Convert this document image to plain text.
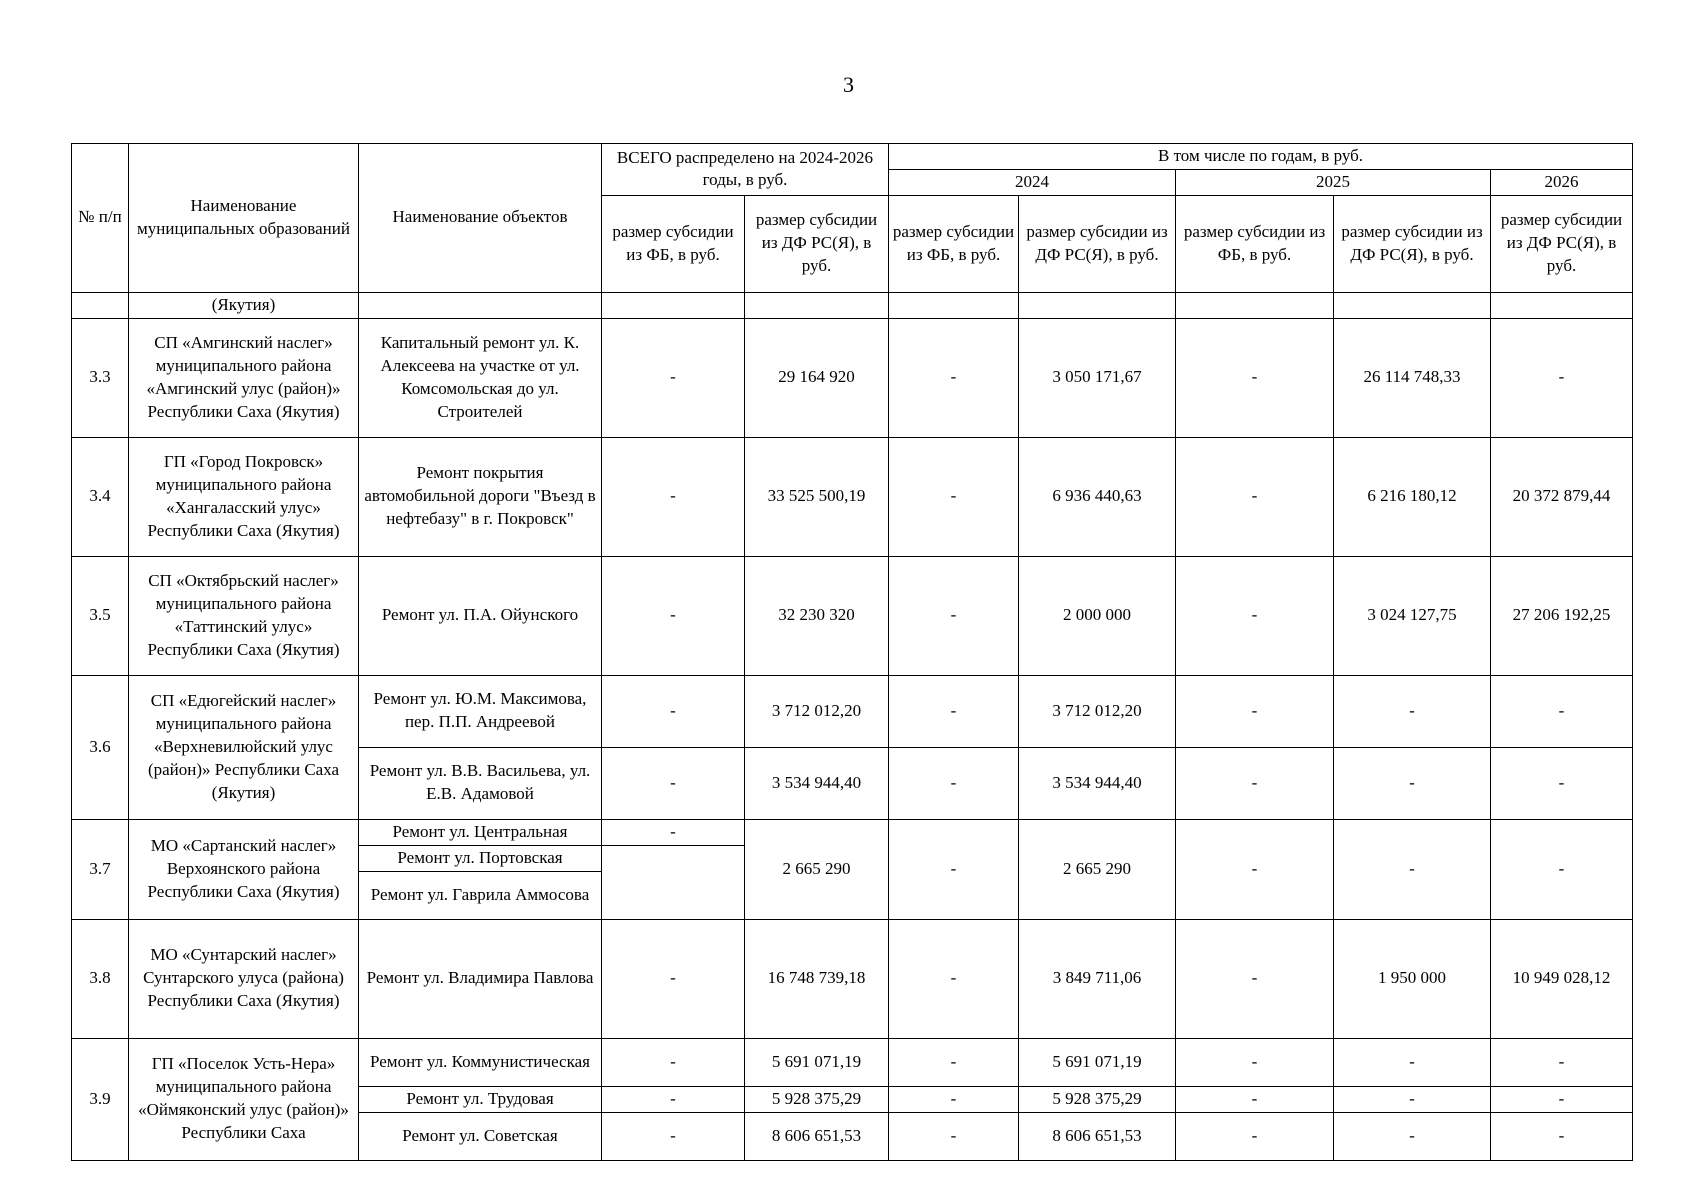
3
№ п/п	Наименование муниципальных образований	Наименование объектов	ВСЕГО распределено на 2024-2026 годы, в руб.		В том числе по годам, в руб.				
					2024		2025		2026
			размер субсидии из ФБ, в руб.	размер субсидии из ДФ РС(Я), в руб.	размер субсидии из ФБ, в руб.	размер субсидии из ДФ РС(Я), в руб.	размер субсидии из ФБ, в руб.	размер субсидии из ДФ РС(Я), в руб.	размер субсидии из ДФ РС(Я), в руб.
	(Якутия)								
3.3	СП «Амгинский наслег» муниципального района «Амгинский улус (район)» Республики Саха (Якутия)	Капитальный ремонт ул. К. Алексеева на участке от ул. Комсомольская до ул. Строителей	-	29 164 920	-	3 050 171,67	-	26 114 748,33	-
3.4	ГП «Город Покровск» муниципального района «Хангаласский улус» Республики Саха (Якутия)	Ремонт покрытия автомобильной дороги "Въезд в нефтебазу" в г. Покровск"	-	33 525 500,19	-	6 936 440,63	-	6 216 180,12	20 372 879,44
3.5	СП «Октябрьский наслег» муниципального района «Таттинский улус» Республики Саха (Якутия)	Ремонт ул. П.А. Ойунского	-	32 230 320	-	2 000 000	-	3 024 127,75	27 206 192,25
3.6	СП «Едюгейский наслег» муниципального района «Верхневилюйский улус (район)» Республики Саха (Якутия)	Ремонт ул. Ю.М. Максимова, пер. П.П. Андреевой	-	3 712 012,20	-	3 712 012,20	-	-	-
		Ремонт ул. В.В. Васильева, ул. Е.В. Адамовой	-	3 534 944,40	-	3 534 944,40	-	-	-
3.7	МО «Сартанский наслег» Верхоянского района Республики Саха (Якутия)	Ремонт ул. Центральная	-	2 665 290	-	2 665 290	-	-	-
		Ремонт ул. Портовская							
		Ремонт ул. Гаврила Аммосова							
3.8	МО «Сунтарский наслег» Сунтарского улуса (района) Республики Саха (Якутия)	Ремонт ул. Владимира Павлова	-	16 748 739,18	-	3 849 711,06	-	1 950 000	10 949 028,12
3.9	ГП «Поселок Усть-Нера» муниципального района «Оймяконский улус (район)» Республики Саха	Ремонт ул. Коммунистическая	-	5 691 071,19	-	5 691 071,19	-	-	-
		Ремонт ул. Трудовая	-	5 928 375,29	-	5 928 375,29	-	-	-
		Ремонт ул. Советская	-	8 606 651,53	-	8 606 651,53	-	-	-
